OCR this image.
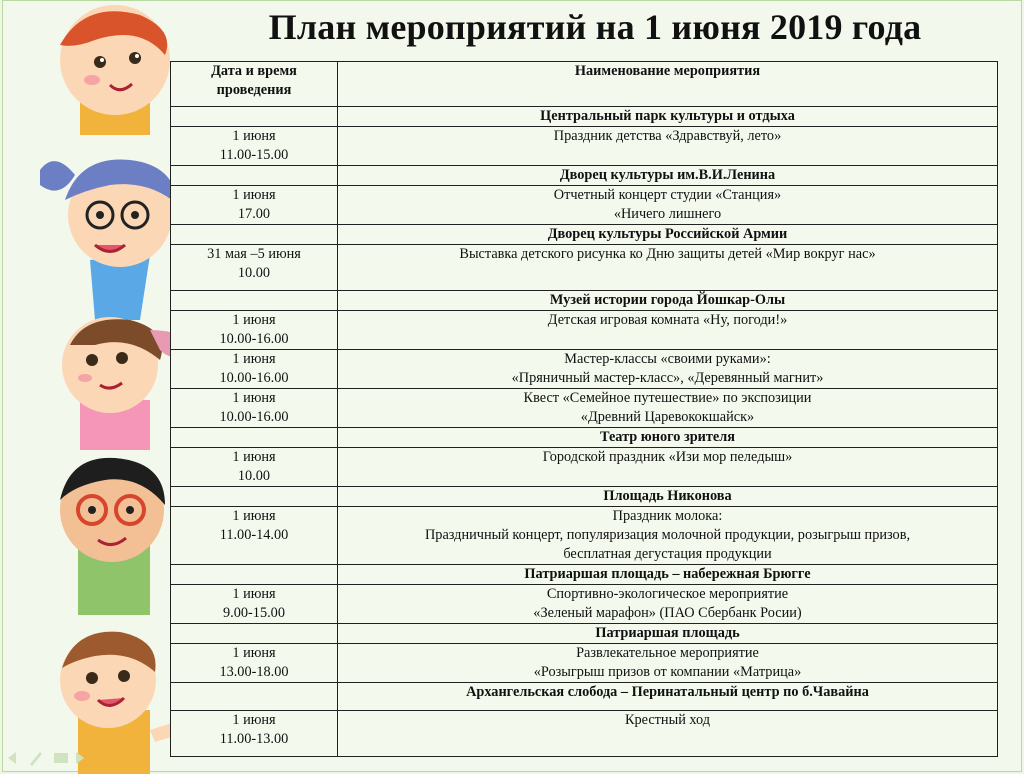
План мероприятий на 1 июня 2019 года
Дата и время
проведения	Наименование мероприятия

	Центральный парк культуры и отдыха

1 июня
11.00-15.00	Праздник детства «Здравствуй, лето»

	Дворец культуры им.В.И.Ленина

1 июня
17.00	Отчетный концерт студии «Станция»
«Ничего лишнего

	Дворец культуры Российской Армии

31 мая –5 июня
10.00	Выставка детского рисунка ко Дню защиты детей «Мир вокруг нас»

	Музей истории города Йошкар-Олы

1 июня
10.00-16.00	Детская игровая комната «Ну, погоди!»

1 июня
10.00-16.00	Мастер-классы «своими руками»:
«Пряничный мастер-класс», «Деревянный магнит»

1 июня
10.00-16.00	Квест «Семейное путешествие» по экспозиции
«Древний Царевококшайск»

	Театр юного зрителя

1 июня
10.00	Городской праздник «Изи мор пеледыш»

	Площадь Никонова

1 июня
11.00-14.00	Праздник молока:
Праздничный концерт, популяризация молочной продукции, розыгрыш призов,
бесплатная дегустация продукции

	Патриаршая площадь – набережная Брюгге

1 июня
9.00-15.00	Спортивно-экологическое мероприятие
«Зеленый марафон» (ПАО Сбербанк Росии)

	Патриаршая площадь

1 июня
13.00-18.00	Развлекательное мероприятие
«Розыгрыш призов от компании «Матрица»

	Архангельская слобода – Перинатальный центр по б.Чавайна

1 июня
11.00-13.00	Крестный ход
